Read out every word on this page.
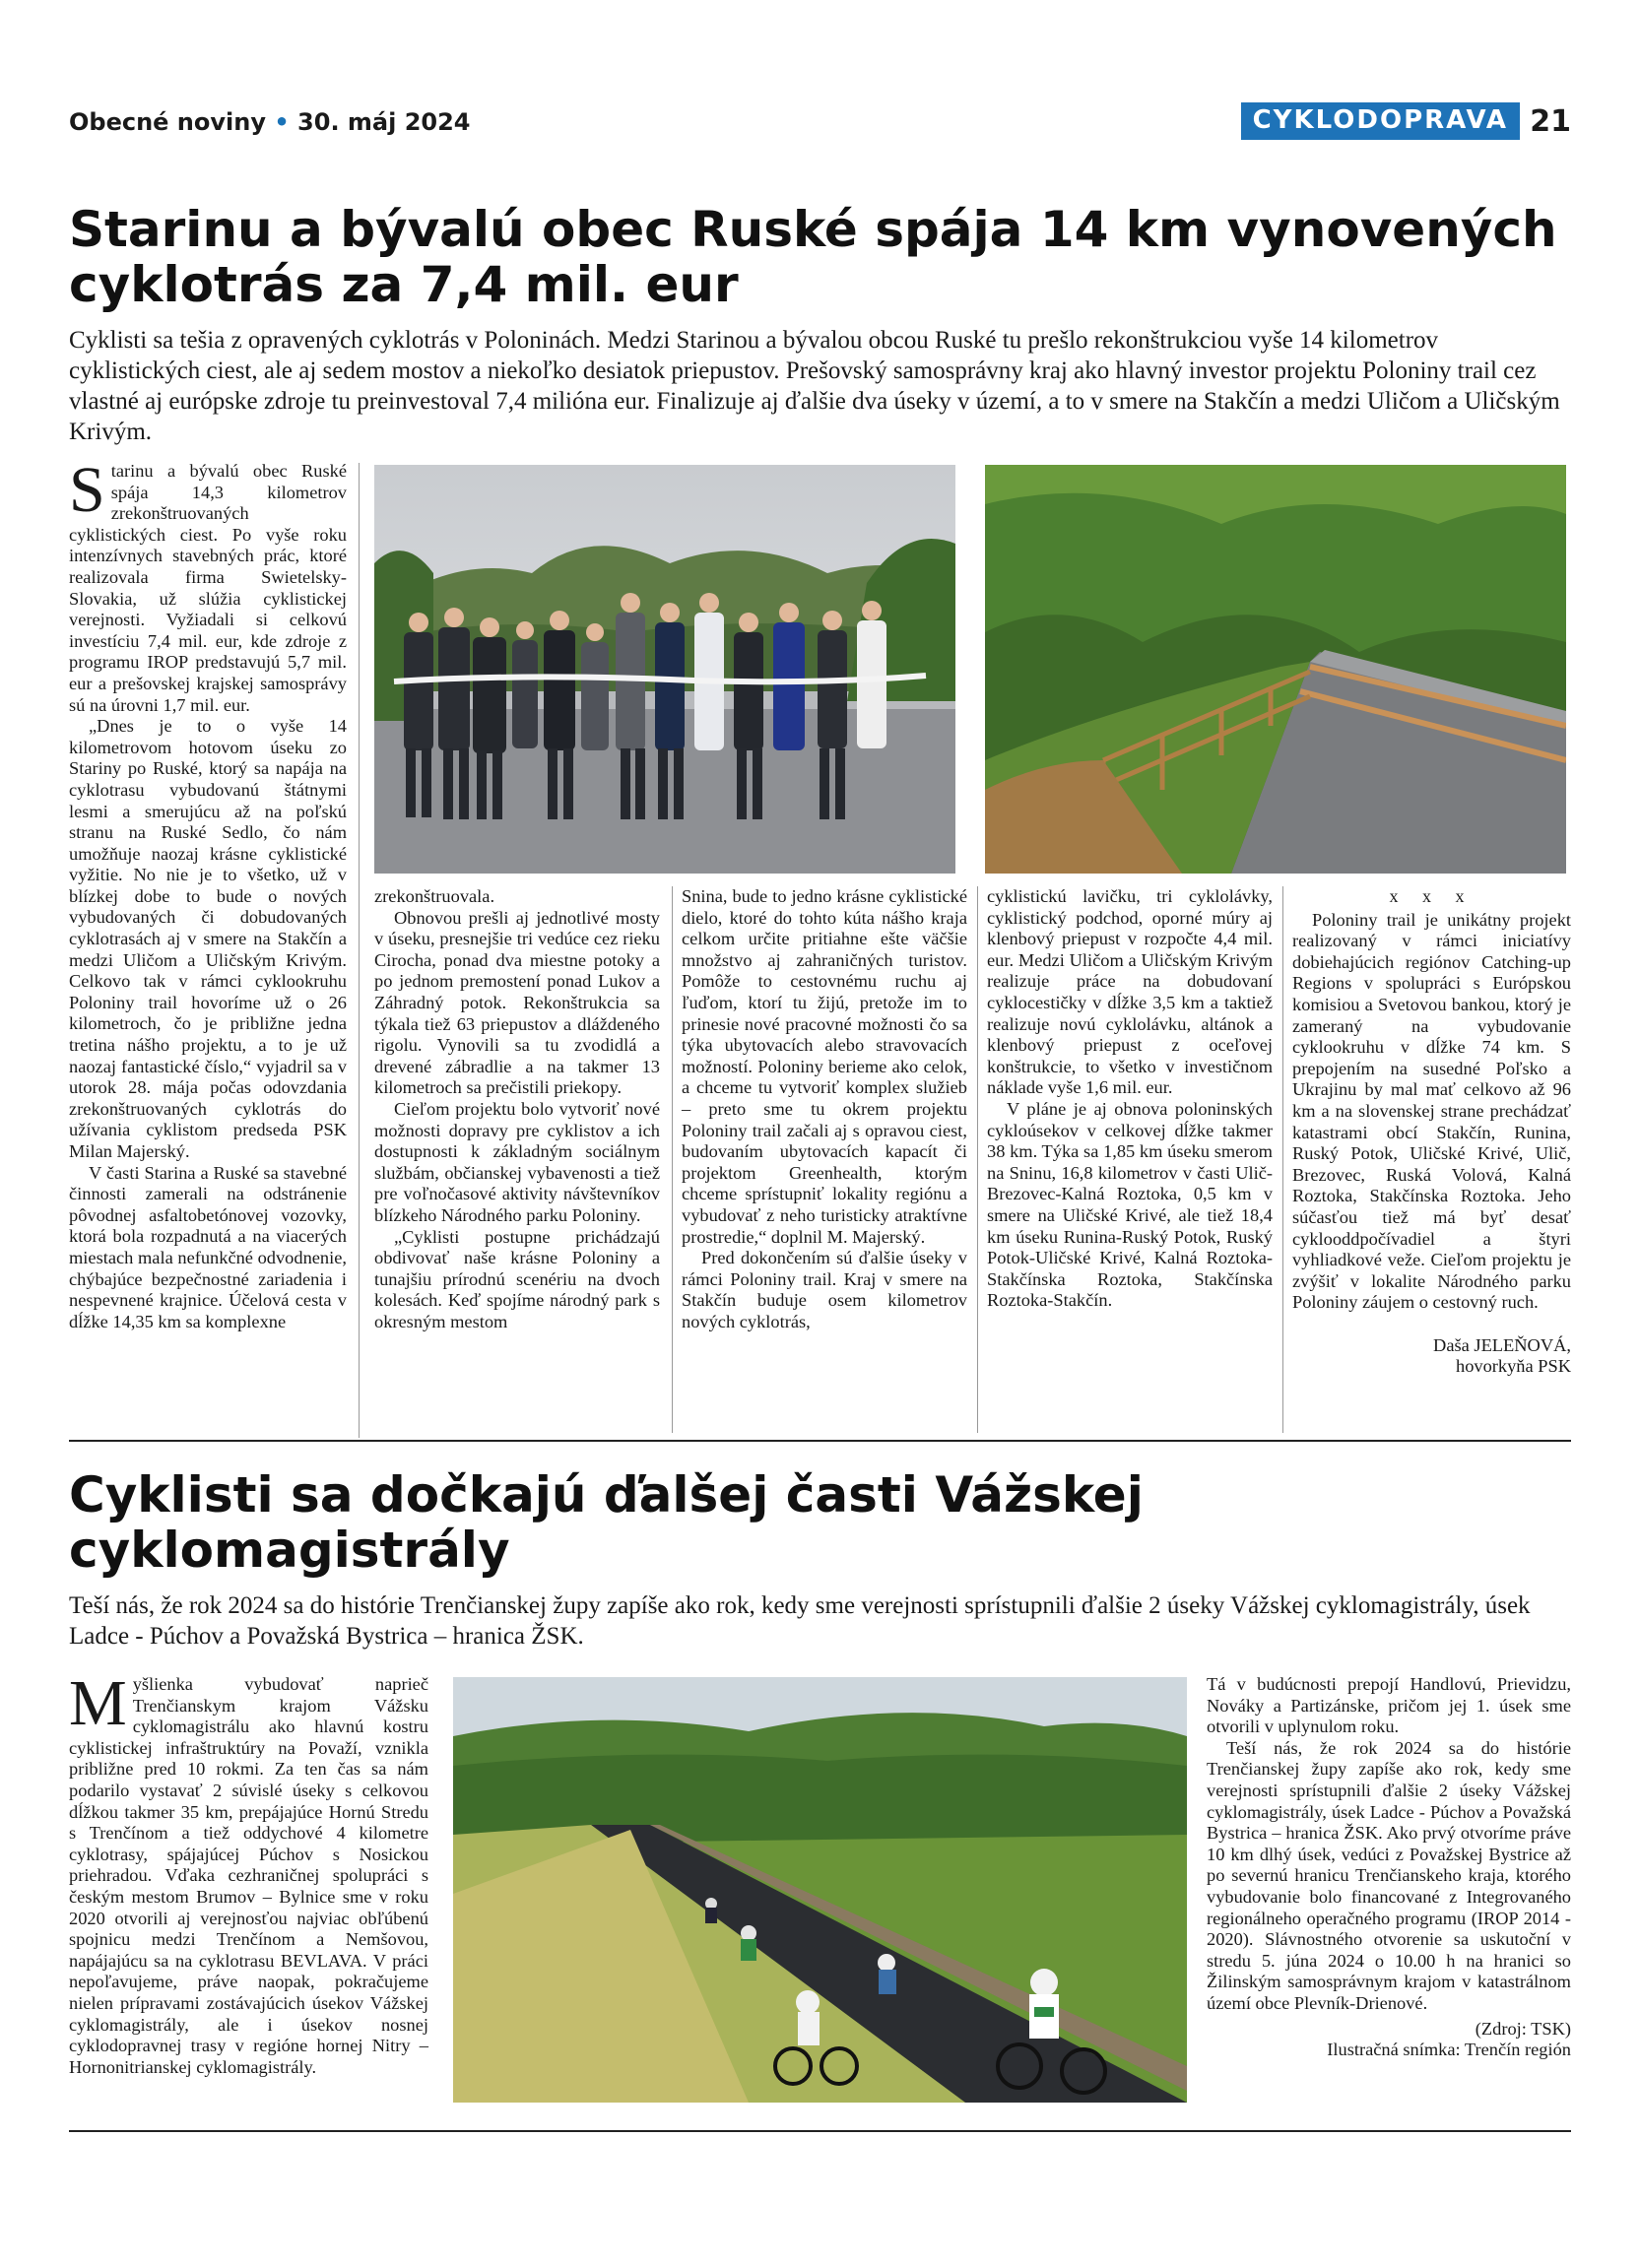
Obecné noviny • 30. máj 2024	CYKLODOPRAVA 21
Starinu a bývalú obec Ruské spája 14 km vynovených cyklotrás za 7,4 mil. eur
Cyklisti sa tešia z opravených cyklotrás v Poloninách. Medzi Starinou a bývalou obcou Ruské tu prešlo rekonštrukciou vyše 14 kilometrov cyklistických ciest, ale aj sedem mostov a niekoľko desiatok priepustov. Prešovský samosprávny kraj ako hlavný investor projektu Poloniny trail cez vlastné aj európske zdroje tu preinvestoval 7,4 milióna eur. Finalizuje aj ďalšie dva úseky v území, a to v smere na Stakčín a medzi Uličom a Uličským Krivým.

Starinu a bývalú obec Ruské spája 14,3 kilometrov zrekonštruovaných cyklistických ciest. Po vyše roku intenzívnych stavebných prác, ktoré realizovala firma Swietelsky-Slovakia, už slúžia cyklistickej verejnosti. Vyžiadali si celkovú investíciu 7,4 mil. eur, kde zdroje z programu IROP predstavujú 5,7 mil. eur a prešovskej krajskej samosprávy sú na úrovni 1,7 mil. eur.

„Dnes je to o vyše 14 kilometrovom hotovom úseku zo Stariny po Ruské, ktorý sa napája na cyklotrasu vybudovanú štátnymi lesmi a smerujúcu až na poľskú stranu na Ruské Sedlo, čo nám umožňuje naozaj krásne cyklistické vyžitie. No nie je to všetko, už v blízkej dobe to bude o nových vybudovaných či dobudovaných cyklotrasách aj v smere na Stakčín a medzi Uličom a Uličským Krivým. Celkovo tak v rámci cyklookruhu Poloniny trail hovoríme už o 26 kilometroch, čo je približne jedna tretina nášho projektu, a to je už naozaj fantastické číslo,“ vyjadril sa v utorok 28. mája počas odovzdania zrekonštruovaných cyklotrás do užívania cyklistom predseda PSK Milan Majerský.

V časti Starina a Ruské sa stavebné činnosti zamerali na odstránenie pôvodnej asfaltobetónovej vozovky, ktorá bola rozpadnutá a na viacerých miestach mala nefunkčné odvodnenie, chýbajúce bezpečnostné zariadenia i nespevnené krajnice. Účelová cesta v dĺžke 14,35 km sa komplexne

zrekonštruovala.

Obnovou prešli aj jednotlivé mosty v úseku, presnejšie tri vedúce cez rieku Cirocha, ponad dva miestne potoky a po jednom premostení ponad Lukov a Záhradný potok. Rekonštrukcia sa týkala tiež 63 priepustov a dláždeného rigolu. Vynovili sa tu zvodidlá a drevené zábradlie a na takmer 13 kilometroch sa prečistili priekopy.

Cieľom projektu bolo vytvoriť nové možnosti dopravy pre cyklistov a ich dostupnosti k základným sociálnym službám, občianskej vybavenosti a tiež pre voľnočasové aktivity návštevníkov blízkeho Národného parku Poloniny.

„Cyklisti postupne prichádzajú obdivovať naše krásne Poloniny a tunajšiu prírodnú scenériu na dvoch kolesách. Keď spojíme národný park s okresným mestom

Snina, bude to jedno krásne cyklistické dielo, ktoré do tohto kúta nášho kraja celkom určite pritiahne ešte väčšie množstvo aj zahraničných turistov. Pomôže to cestovnému ruchu aj ľuďom, ktorí tu žijú, pretože im to prinesie nové pracovné možnosti čo sa týka ubytovacích alebo stravovacích možností. Poloniny berieme ako celok, a chceme tu vytvoriť komplex služieb – preto sme tu okrem projektu Poloniny trail začali aj s opravou ciest, budovaním ubytovacích kapacít či projektom Greenhealth, ktorým chceme sprístupniť lokality regiónu a vybudovať z neho turisticky atraktívne prostredie,“ doplnil M. Majerský.

Pred dokončením sú ďalšie úseky v rámci Poloniny trail. Kraj v smere na Stakčín buduje osem kilometrov nových cyklotrás,

cyklistickú lavičku, tri cyklolávky, cyklistický podchod, oporné múry aj klenbový priepust v rozpočte 4,4 mil. eur. Medzi Uličom a Uličským Krivým realizuje práce na dobudovaní cyklocestičky v dĺžke 3,5 km a taktiež realizuje novú cyklolávku, altánok a klenbový priepust z oceľovej konštrukcie, to všetko v investičnom náklade vyše 1,6 mil. eur.

V pláne je aj obnova poloninských cykloúsekov v celkovej dĺžke takmer 38 km. Týka sa 1,85 km úseku smerom na Sninu, 16,8 kilometrov v časti Ulič-Brezovec-Kalná Roztoka, 0,5 km v smere na Uličské Krivé, ale tiež 18,4 km úseku Runina-Ruský Potok, Ruský Potok-Uličské Krivé, Kalná Roztoka-Stakčínska Roztoka, Stakčínska Roztoka-Stakčín.

x x x

Poloniny trail je unikátny projekt realizovaný v rámci iniciatívy dobiehajúcich regiónov Catching-up Regions v spolupráci s Európskou komisiou a Svetovou bankou, ktorý je zameraný na vybudovanie cyklookruhu v dĺžke 74 km. S prepojením na susedné Poľsko a Ukrajinu by mal mať celkovo až 96 km a na slovenskej strane prechádzať katastrami obcí Stakčín, Runina, Ruský Potok, Uličské Krivé, Ulič, Brezovec, Ruská Volová, Kalná Roztoka, Stakčínska Roztoka. Jeho súčasťou tiež má byť desať cyklooddpočívadiel a štyri vyhliadkové veže. Cieľom projektu je zvýšiť v lokalite Národného parku Poloniny záujem o cestovný ruch.

Daša JELEŇOVÁ,
hovorkyňa PSK
Cyklisti sa dočkajú ďalšej časti Vážskej cyklomagistrály
Teší nás, že rok 2024 sa do histórie Trenčianskej župy zapíše ako rok, kedy sme verejnosti sprístupnili ďalšie 2 úseky Vážskej cyklomagistrály, úsek Ladce - Púchov a Považská Bystrica – hranica ŽSK.

Myšlienka vybudovať naprieč Trenčianskym krajom Vážsku cyklomagistrálu ako hlavnú kostru cyklistickej infraštruktúry na Považí, vznikla približne pred 10 rokmi. Za ten čas sa nám podarilo vystavať 2 súvislé úseky s celkovou dĺžkou takmer 35 km, prepájajúce Hornú Stredu s Trenčínom a tiež oddychové 4 kilometre cyklotrasy, spájajúcej Púchov s Nosickou priehradou. Vďaka cezhraničnej spolupráci s českým mestom Brumov – Bylnice sme v roku 2020 otvorili aj verejnosťou najviac obľúbenú spojnicu medzi Trenčínom a Nemšovou, napájajúcu sa na cyklotrasu BEVLAVA. V práci nepoľavujeme, práve naopak, pokračujeme nielen prípravami zostávajúcich úsekov Vážskej cyklomagistrály, ale i úsekov nosnej cyklodopravnej trasy v regióne hornej Nitry – Hornonitrianskej cyklomagistrály.

Tá v budúcnosti prepojí Handlovú, Prievidzu, Nováky a Partizánske, pričom jej 1. úsek sme otvorili v uplynulom roku.

Teší nás, že rok 2024 sa do histórie Trenčianskej župy zapíše ako rok, kedy sme verejnosti sprístupnili ďalšie 2 úseky Vážskej cyklomagistrály, úsek Ladce - Púchov a Považská Bystrica – hranica ŽSK. Ako prvý otvoríme práve 10 km dlhý úsek, vedúci z Považskej Bystrice až po severnú hranicu Trenčianskeho kraja, ktorého vybudovanie bolo financované z Integrovaného regionálneho operačného programu (IROP 2014 - 2020). Slávnostného otvorenie sa uskutoční v stredu 5. júna 2024 o 10.00 h na hranici so Žilinským samosprávnym krajom v katastrálnom území obce Plevník-Drienové.

(Zdroj: TSK)
Ilustračná snímka: Trenčín región
